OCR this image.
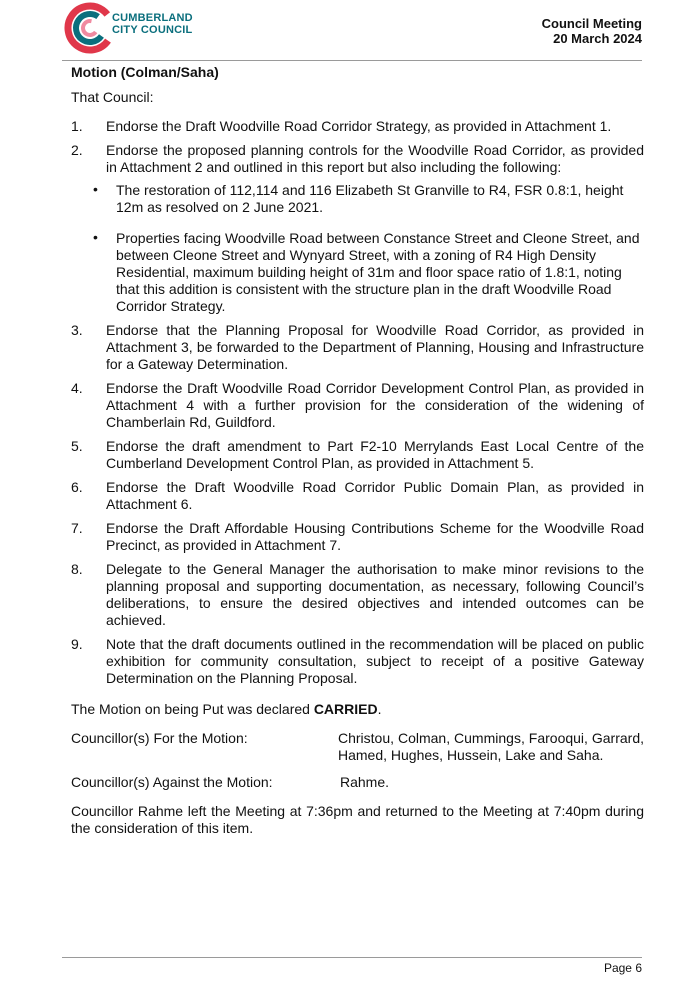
CUMBERLAND
CITY COUNCIL	Council Meeting
20 March 2024

Motion (Colman/Saha)

That Council:

1. Endorse the Draft Woodville Road Corridor Strategy, as provided in Attachment 1.
2. Endorse the proposed planning controls for the Woodville Road Corridor, as provided in Attachment 2 and outlined in this report but also including the following:
• The restoration of 112,114 and 116 Elizabeth St Granville to R4, FSR 0.8:1, height 12m as resolved on 2 June 2021.
• Properties facing Woodville Road between Constance Street and Cleone Street, and between Cleone Street and Wynyard Street, with a zoning of R4 High Density Residential, maximum building height of 31m and floor space ratio of 1.8:1, noting that this addition is consistent with the structure plan in the draft Woodville Road Corridor Strategy.
3. Endorse that the Planning Proposal for Woodville Road Corridor, as provided in Attachment 3, be forwarded to the Department of Planning, Housing and Infrastructure for a Gateway Determination.
4. Endorse the Draft Woodville Road Corridor Development Control Plan, as provided in Attachment 4 with a further provision for the consideration of the widening of Chamberlain Rd, Guildford.
5. Endorse the draft amendment to Part F2-10 Merrylands East Local Centre of the Cumberland Development Control Plan, as provided in Attachment 5.
6. Endorse the Draft Woodville Road Corridor Public Domain Plan, as provided in Attachment 6.
7. Endorse the Draft Affordable Housing Contributions Scheme for the Woodville Road Precinct, as provided in Attachment 7.
8. Delegate to the General Manager the authorisation to make minor revisions to the planning proposal and supporting documentation, as necessary, following Council’s deliberations, to ensure the desired objectives and intended outcomes can be achieved.
9. Note that the draft documents outlined in the recommendation will be placed on public exhibition for community consultation, subject to receipt of a positive Gateway Determination on the Planning Proposal.

The Motion on being Put was declared CARRIED.

Councillor(s) For the Motion:	Christou, Colman, Cummings, Farooqui, Garrard, Hamed, Hughes, Hussein, Lake and Saha.
Councillor(s) Against the Motion:	Rahme.

Councillor Rahme left the Meeting at 7:36pm and returned to the Meeting at 7:40pm during the consideration of this item.

Page 6
